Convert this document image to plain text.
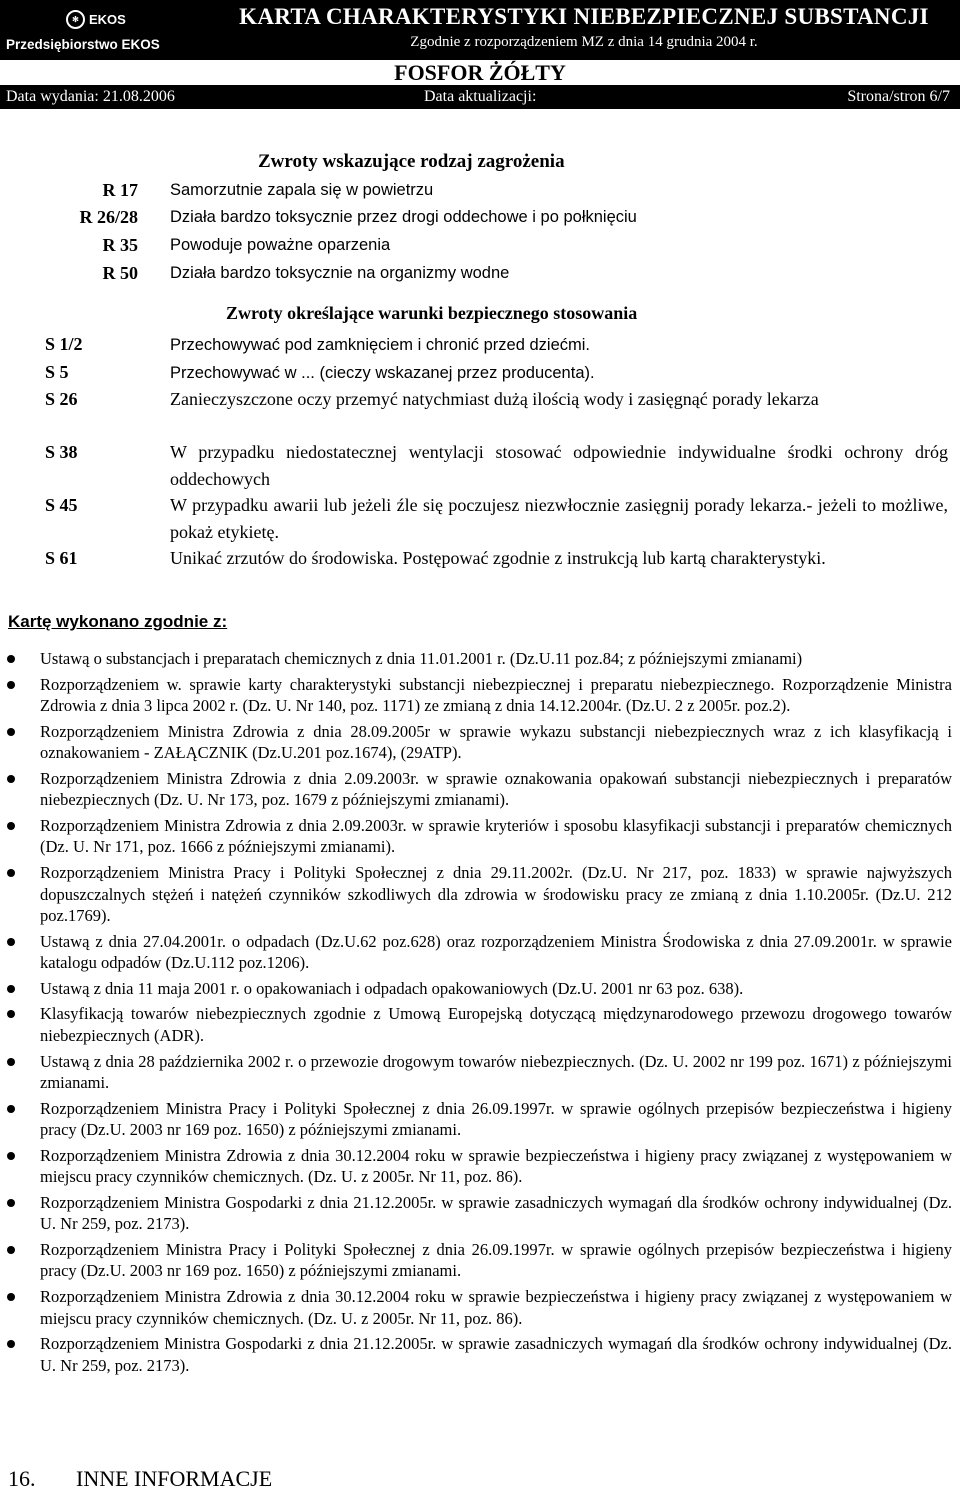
✻ EKOS
Przedsiębiorstwo EKOS
KARTA CHARAKTERYSTYKI NIEBEZPIECZNEJ SUBSTANCJI
Zgodnie z rozporządzeniem MZ z dnia 14 grudnia 2004 r.
FOSFOR ŻÓŁTY
Data wydania: 21.08.2006	Data aktualizacji:	Strona/stron 6/7
Zwroty wskazujące rodzaj zagrożenia
R 17 Samorzutnie zapala się w powietrzu
R 26/28 Działa bardzo toksycznie przez drogi oddechowe i po połknięciu
R 35 Powoduje poważne oparzenia
R 50 Działa bardzo toksycznie na organizmy wodne
Zwroty określające warunki bezpiecznego stosowania
S 1/2	Przechowywać pod zamknięciem i chronić przed dziećmi.
S 5	Przechowywać w ... (cieczy wskazanej przez producenta).
S 26	Zanieczyszczone oczy przemyć natychmiast dużą ilością wody i zasięgnąć porady lekarza
S 38	W przypadku niedostatecznej wentylacji stosować odpowiednie indywidualne środki ochrony dróg oddechowych
S 45	W przypadku awarii lub jeżeli źle się poczujesz niezwłocznie zasięgnij porady lekarza.- jeżeli to możliwe, pokaż etykietę.
S 61	Unikać zrzutów do środowiska. Postępować zgodnie z instrukcją lub kartą charakterystyki.
Kartę wykonano zgodnie z:
Ustawą o substancjach i preparatach chemicznych z dnia 11.01.2001 r. (Dz.U.11 poz.84; z późniejszymi zmianami)
Rozporządzeniem w. sprawie karty charakterystyki substancji niebezpiecznej i preparatu niebezpiecznego. Rozporządzenie Ministra Zdrowia z dnia 3 lipca 2002 r. (Dz. U. Nr 140, poz. 1171) ze zmianą z dnia 14.12.2004r. (Dz.U. 2 z 2005r. poz.2).
Rozporządzeniem Ministra Zdrowia z dnia 28.09.2005r w sprawie wykazu substancji niebezpiecznych wraz z ich klasyfikacją i oznakowaniem - ZAŁĄCZNIK (Dz.U.201 poz.1674), (29ATP).
Rozporządzeniem Ministra Zdrowia z dnia 2.09.2003r. w sprawie oznakowania opakowań substancji niebezpiecznych i preparatów niebezpiecznych (Dz. U. Nr 173, poz. 1679 z późniejszymi zmianami).
Rozporządzeniem Ministra Zdrowia z dnia 2.09.2003r. w sprawie kryteriów i sposobu klasyfikacji substancji i preparatów chemicznych (Dz. U. Nr 171, poz. 1666 z późniejszymi zmianami).
Rozporządzeniem Ministra Pracy i Polityki Społecznej z dnia 29.11.2002r. (Dz.U. Nr 217, poz. 1833) w sprawie najwyższych dopuszczalnych stężeń i natężeń czynników szkodliwych dla zdrowia w środowisku pracy ze zmianą z dnia 1.10.2005r. (Dz.U. 212 poz.1769).
Ustawą z dnia 27.04.2001r. o odpadach (Dz.U.62 poz.628) oraz rozporządzeniem Ministra Środowiska z dnia 27.09.2001r. w sprawie katalogu odpadów (Dz.U.112 poz.1206).
Ustawą z dnia 11 maja 2001 r. o opakowaniach i odpadach opakowaniowych (Dz.U. 2001 nr 63 poz. 638).
Klasyfikacją towarów niebezpiecznych zgodnie z Umową Europejską dotyczącą międzynarodowego przewozu drogowego towarów niebezpiecznych (ADR).
Ustawą z dnia 28 października 2002 r. o przewozie drogowym towarów niebezpiecznych. (Dz. U. 2002 nr 199 poz. 1671) z późniejszymi zmianami.
Rozporządzeniem Ministra Pracy i Polityki Społecznej z dnia 26.09.1997r. w sprawie ogólnych przepisów bezpieczeństwa i higieny pracy (Dz.U. 2003 nr 169 poz. 1650) z późniejszymi zmianami.
Rozporządzeniem Ministra Zdrowia z dnia 30.12.2004 roku w sprawie bezpieczeństwa i higieny pracy związanej z występowaniem w miejscu pracy czynników chemicznych. (Dz. U. z 2005r. Nr 11, poz. 86).
Rozporządzeniem Ministra Gospodarki z dnia 21.12.2005r. w sprawie zasadniczych wymagań dla środków ochrony indywidualnej (Dz. U. Nr 259, poz. 2173).
Rozporządzeniem Ministra Pracy i Polityki Społecznej z dnia 26.09.1997r. w sprawie ogólnych przepisów bezpieczeństwa i higieny pracy (Dz.U. 2003 nr 169 poz. 1650) z późniejszymi zmianami.
Rozporządzeniem Ministra Zdrowia z dnia 30.12.2004 roku w sprawie bezpieczeństwa i higieny pracy związanej z występowaniem w miejscu pracy czynników chemicznych. (Dz. U. z 2005r. Nr 11, poz. 86).
Rozporządzeniem Ministra Gospodarki z dnia 21.12.2005r. w sprawie zasadniczych wymagań dla środków ochrony indywidualnej (Dz. U. Nr 259, poz. 2173).
16. INNE INFORMACJE
